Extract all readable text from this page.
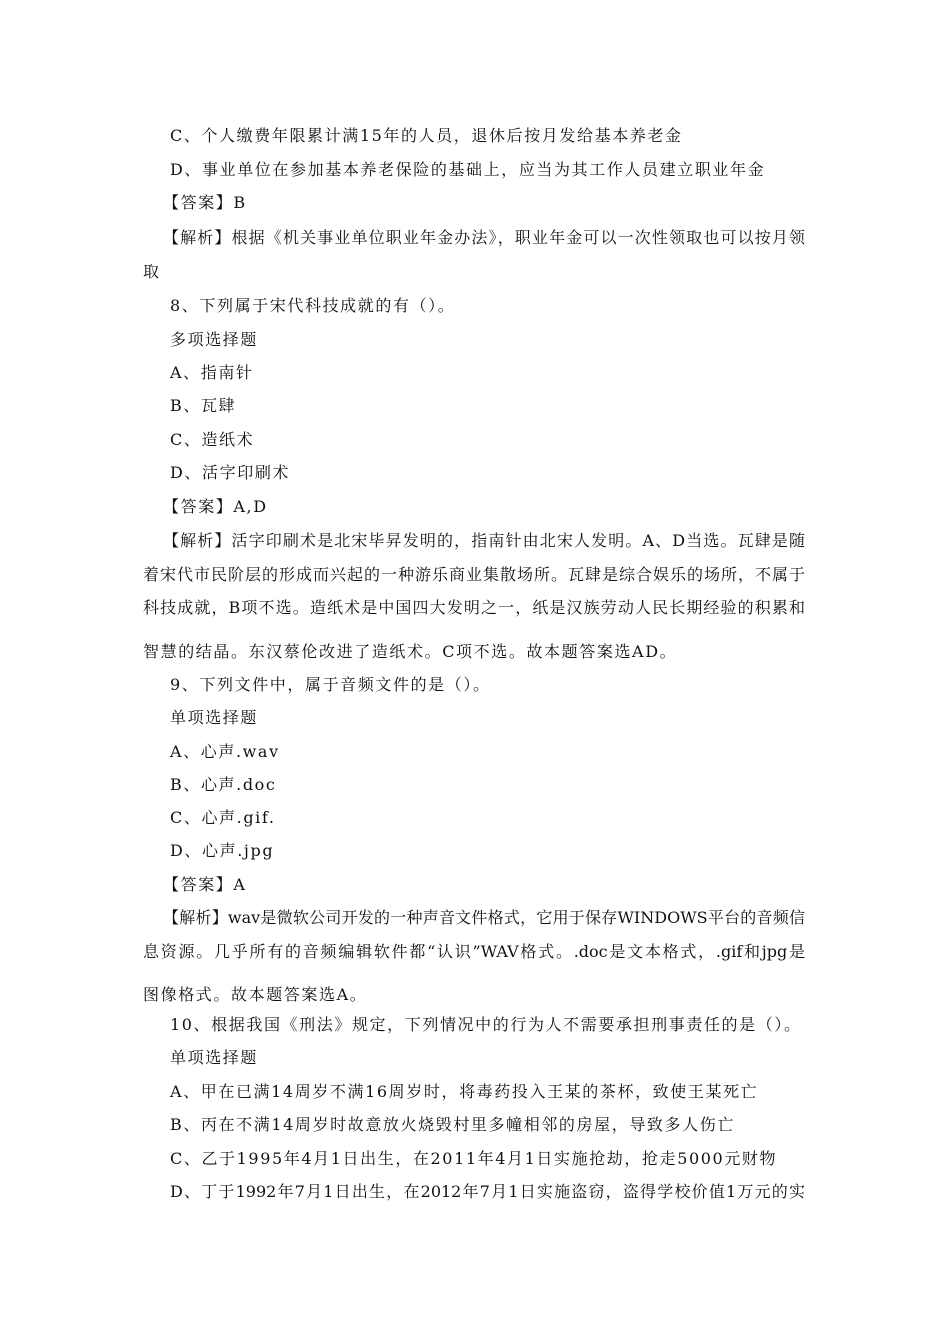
C、个人缴费年限累计满15年的人员，退休后按月发给基本养老金
D、事业单位在参加基本养老保险的基础上，应当为其工作人员建立职业年金
【答案】B
【解析】根据《机关事业单位职业年金办法》，职业年金可以一次性领取也可以按月领
取
8、下列属于宋代科技成就的有（）。
多项选择题
A、指南针
B、瓦肆
C、造纸术
D、活字印刷术
【答案】A,D
【解析】活字印刷术是北宋毕昇发明的，指南针由北宋人发明。A、D当选。瓦肆是随
着宋代市民阶层的形成而兴起的一种游乐商业集散场所。瓦肆是综合娱乐的场所，不属于
科技成就，B项不选。造纸术是中国四大发明之一，纸是汉族劳动人民长期经验的积累和
智慧的结晶。东汉蔡伦改进了造纸术。C项不选。故本题答案选AD。
9、下列文件中，属于音频文件的是（）。
单项选择题
A、心声.wav
B、心声.doc
C、心声.gif.
D、心声.jpg
【答案】A
【解析】wav是微软公司开发的一种声音文件格式，它用于保存WINDOWS平台的音频信
息资源。几乎所有的音频编辑软件都“认识”WAV格式。.doc是文本格式，.gif和jpg是
图像格式。故本题答案选A。
10、根据我国《刑法》规定，下列情况中的行为人不需要承担刑事责任的是（）。
单项选择题
A、甲在已满14周岁不满16周岁时，将毒药投入王某的茶杯，致使王某死亡
B、丙在不满14周岁时故意放火烧毁村里多幢相邻的房屋，导致多人伤亡
C、乙于1995年4月1日出生，在2011年4月1日实施抢劫，抢走5000元财物
D、丁于1992年7月1日出生，在2012年7月1日实施盗窃，盗得学校价值1万元的实
